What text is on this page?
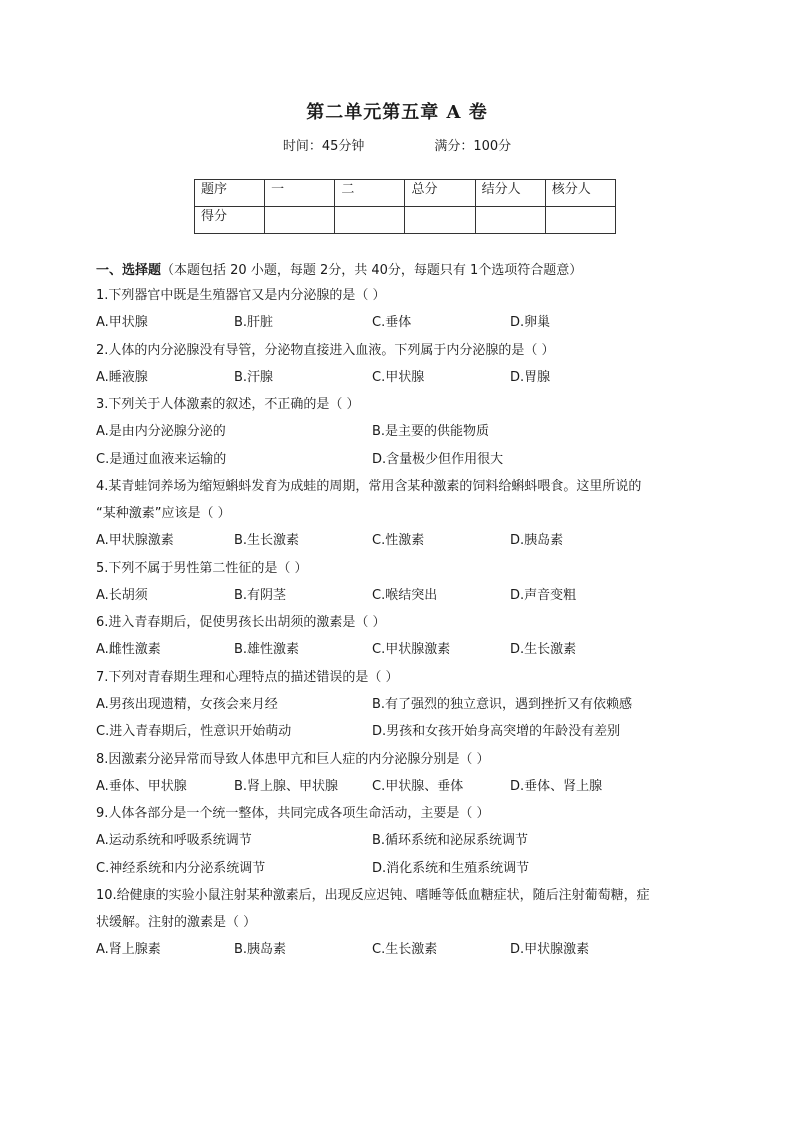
第二单元第五章 A 卷
时间：45分钟	满分：100分
题序	一	二	总分	结分人	核分人
得分					
一、选择题（本题包括 20 小题，每题 2分，共 40分，每题只有 1个选项符合题意）
1.下列器官中既是生殖器官又是内分泌腺的是（ ）
A.甲状腺	B.肝脏	C.垂体	D.卵巢
2.人体的内分泌腺没有导管，分泌物直接进入血液。下列属于内分泌腺的是（ ）
A.睡液腺	B.汗腺	C.甲状腺	D.胃腺
3.下列关于人体激素的叙述，不正确的是（ ）
A.是由内分泌腺分泌的	B.是主要的供能物质
C.是通过血液来运输的	D.含量极少但作用很大
4.某青蛙饲养场为缩短蝌蚪发育为成蛙的周期，常用含某种激素的饲料给蝌蚪喂食。这里所说的
“某种激素”应该是（ ）
A.甲状腺激素	B.生长激素	C.性激素	D.胰岛素
5.下列不属于男性第二性征的是（ ）
A.长胡须	B.有阴茎	C.喉结突出	D.声音变粗
6.进入青春期后，促使男孩长出胡须的激素是（ ）
A.雌性激素	B.雄性激素	C.甲状腺激素	D.生长激素
7.下列对青春期生理和心理特点的描述错误的是（ ）
A.男孩出现遗精，女孩会来月经	B.有了强烈的独立意识，遇到挫折又有依赖感
C.进入青春期后，性意识开始萌动	D.男孩和女孩开始身高突增的年龄没有差别
8.因激素分泌异常而导致人体患甲亢和巨人症的内分泌腺分别是（ ）
A.垂体、甲状腺	B.肾上腺、甲状腺	C.甲状腺、垂体	D.垂体、肾上腺
9.人体各部分是一个统一整体，共同完成各项生命活动，主要是（ ）
A.运动系统和呼吸系统调节	B.循环系统和泌尿系统调节
C.神经系统和内分泌系统调节	D.消化系统和生殖系统调节
10.给健康的实验小鼠注射某种激素后，出现反应迟钝、嗜睡等低血糖症状，随后注射葡萄糖，症
状缓解。注射的激素是（ ）
A.肾上腺素	B.胰岛素	C.生长激素	D.甲状腺激素
